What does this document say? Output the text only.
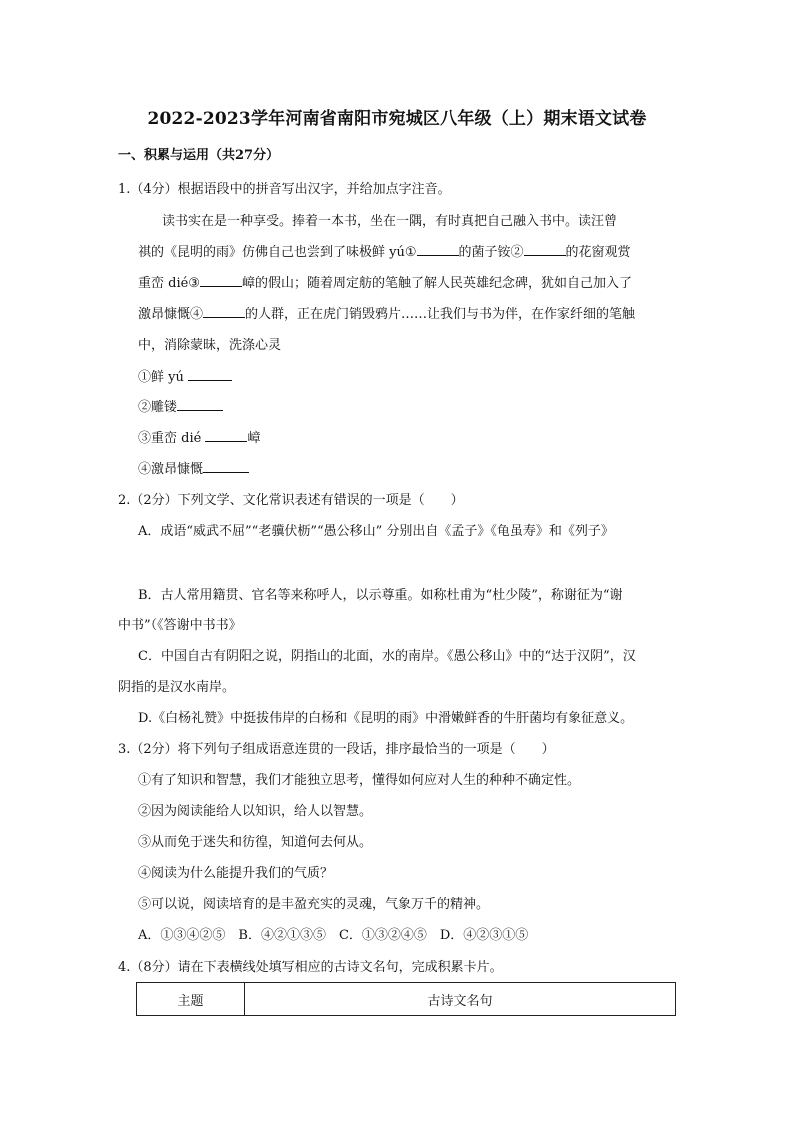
2022-2023学年河南省南阳市宛城区八年级（上）期末语文试卷
一、积累与运用（共27分）
1.（4分）根据语段中的拼音写出汉字，并给加点字注音。
读书实在是一种享受。捧着一本书，坐在一隅，有时真把自己融入书中。读汪曾
祺的《昆明的雨》仿佛自己也尝到了味极鲜 yú①	的菌子铵②	的花窗观赏
重峦 dié③	嶂的假山；随着周定舫的笔触了解人民英雄纪念碑，犹如自己加入了
激昂慷慨④	的人群，正在虎门销毁鸦片……让我们与书为伴，在作家纤细的笔触
中，消除蒙昧，洗涤心灵
①鲜 yú
②雕镂
③重峦 dié	嶂
④激昂慷慨
2.（2分）下列文学、文化常识表述有错误的一项是（　　）
A．成语“威武不屈”“老骥伏枥”“愚公移山” 分别出自《孟子》《龟虽寿》和《列子》
B．古人常用籍贯、官名等来称呼人，以示尊重。如称杜甫为“杜少陵”，称谢征为“谢
中书”（《答谢中书书》
C．中国自古有阴阳之说，阴指山的北面，水的南岸。《愚公移山》中的“达于汉阴”，汉
阴指的是汉水南岸。
D.《白杨礼赞》中挺拔伟岸的白杨和《昆明的雨》中滑嫩鲜香的牛肝菌均有象征意义。
3.（2分）将下列句子组成语意连贯的一段话，排序最恰当的一项是（　　）
①有了知识和智慧，我们才能独立思考，懂得如何应对人生的种种不确定性。
②因为阅读能给人以知识，给人以智慧。
③从而免于迷失和彷徨，知道何去何从。
④阅读为什么能提升我们的气质？
⑤可以说，阅读培育的是丰盈充实的灵魂，气象万千的精神。
A．①③④②⑤　B．④②①③⑤　C．①③②④⑤　D．④②③①⑤
4.（8分）请在下表横线处填写相应的古诗文名句，完成积累卡片。
主题	古诗文名句
